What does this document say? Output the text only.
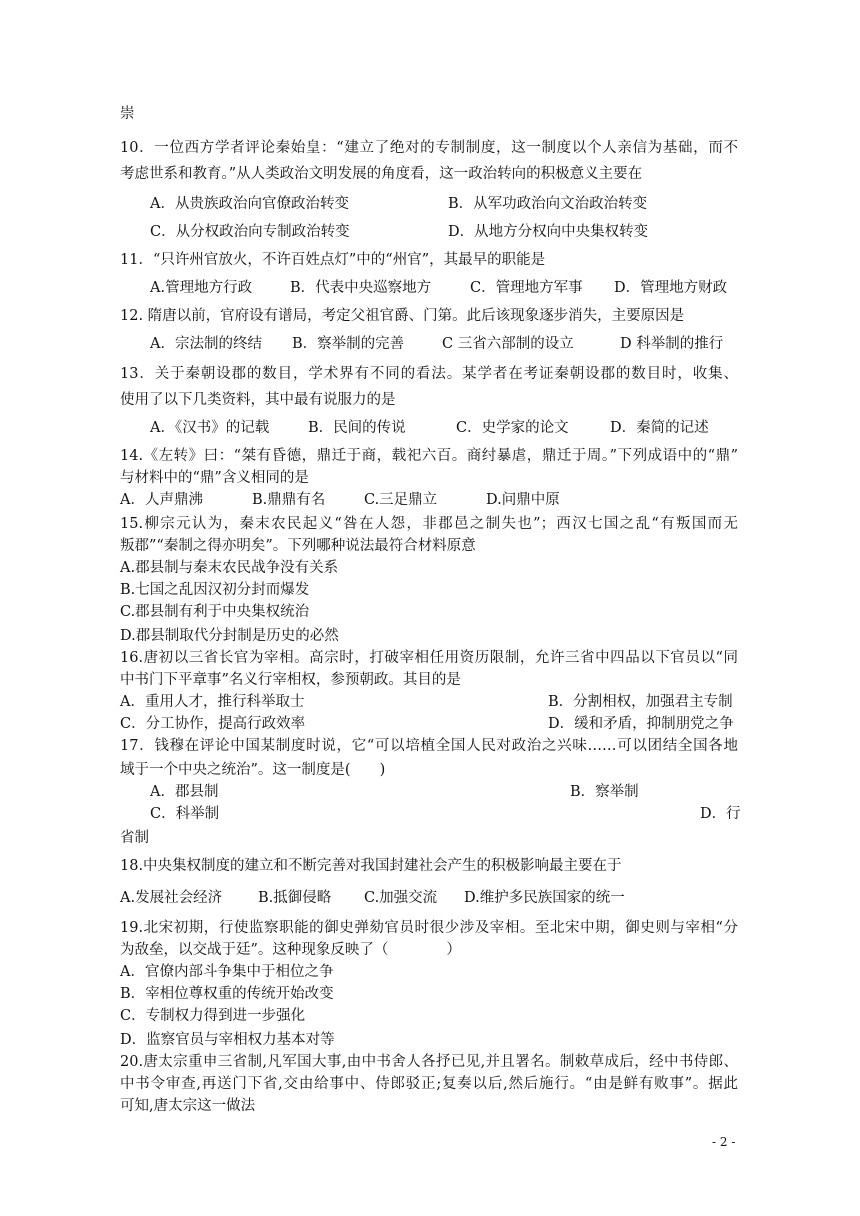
崇
10．一位西方学者评论秦始皇：“建立了绝对的专制制度，这一制度以个人亲信为基础，而不
考虑世系和教育。”从人类政治文明发展的角度看，这一政治转向的积极意义主要在
A．从贵族政治向官僚政治转变	B．从军功政治向文治政治转变
C．从分权政治向专制政治转变	D．从地方分权向中央集权转变
11．“只许州官放火，不许百姓点灯”中的“州官”，其最早的职能是
A.管理地方行政	B．代表中央巡察地方	C．管理地方军事 D．管理地方财政
12. 隋唐以前，官府设有谱局，考定父祖官爵、门第。此后该现象逐步消失，主要原因是
A．宗法制的终结 B．察举制的完善	C 三省六部制的设立	D 科举制的推行
13．关于秦朝设郡的数目，学术界有不同的看法。某学者在考证秦朝设郡的数目时，收集、
使用了以下几类资料，其中最有说服力的是
A．《汉书》的记载	B．民间的传说	C．史学家的论文	D．秦简的记述
14.《左转》曰：“桀有昏德，鼎迁于商，载祀六百。商纣暴虐，鼎迁于周。”下列成语中的“鼎”
与材料中的“鼎”含义相同的是
A．人声鼎沸	B.鼎鼎有名	C.三足鼎立	D.问鼎中原
15.柳宗元认为，秦末农民起义“咎在人怨，非郡邑之制失也”；西汉七国之乱“有叛国而无
叛郡”“秦制之得亦明矣”。下列哪种说法最符合材料原意
A.郡县制与秦末农民战争没有关系
B.七国之乱因汉初分封而爆发
C.郡县制有利于中央集权统治
D.郡县制取代分封制是历史的必然
16.唐初以三省长官为宰相。高宗时，打破宰相任用资历限制，允许三省中四品以下官员以“同
中书门下平章事”名义行宰相权，参预朝政。其目的是
A．重用人才，推行科举取士	B．分割相权，加强君主专制
C．分工协作，提高行政效率	D．缓和矛盾，抑制朋党之争
17．钱穆在评论中国某制度时说，它“可以培植全国人民对政治之兴味……可以团结全国各地
域于一个中央之统治”。这一制度是(　　)
A．郡县制	B．察举制
C．科举制	D．行
省制
18.中央集权制度的建立和不断完善对我国封建社会产生的积极影响最主要在于
A.发展社会经济 B.抵御侵略 C.加强交流 D.维护多民族国家的统一
19.北宋初期，行使监察职能的御史弹劾官员时很少涉及宰相。至北宋中期，御史则与宰相“分
为敌垒，以交战于廷”。这种现象反映了（　　　　）
A．官僚内部斗争集中于相位之争
B．宰相位尊权重的传统开始改变
C．专制权力得到进一步强化
D．监察官员与宰相权力基本对等
20.唐太宗重申三省制,凡军国大事,由中书舍人各抒已见,并且署名。制敕草成后，经中书侍郎、
中书令审查,再送门下省,交由给事中、侍郎驳正;复奏以后,然后施行。“由是鲜有败事”。据此
可知,唐太宗这一做法
- 2 -
